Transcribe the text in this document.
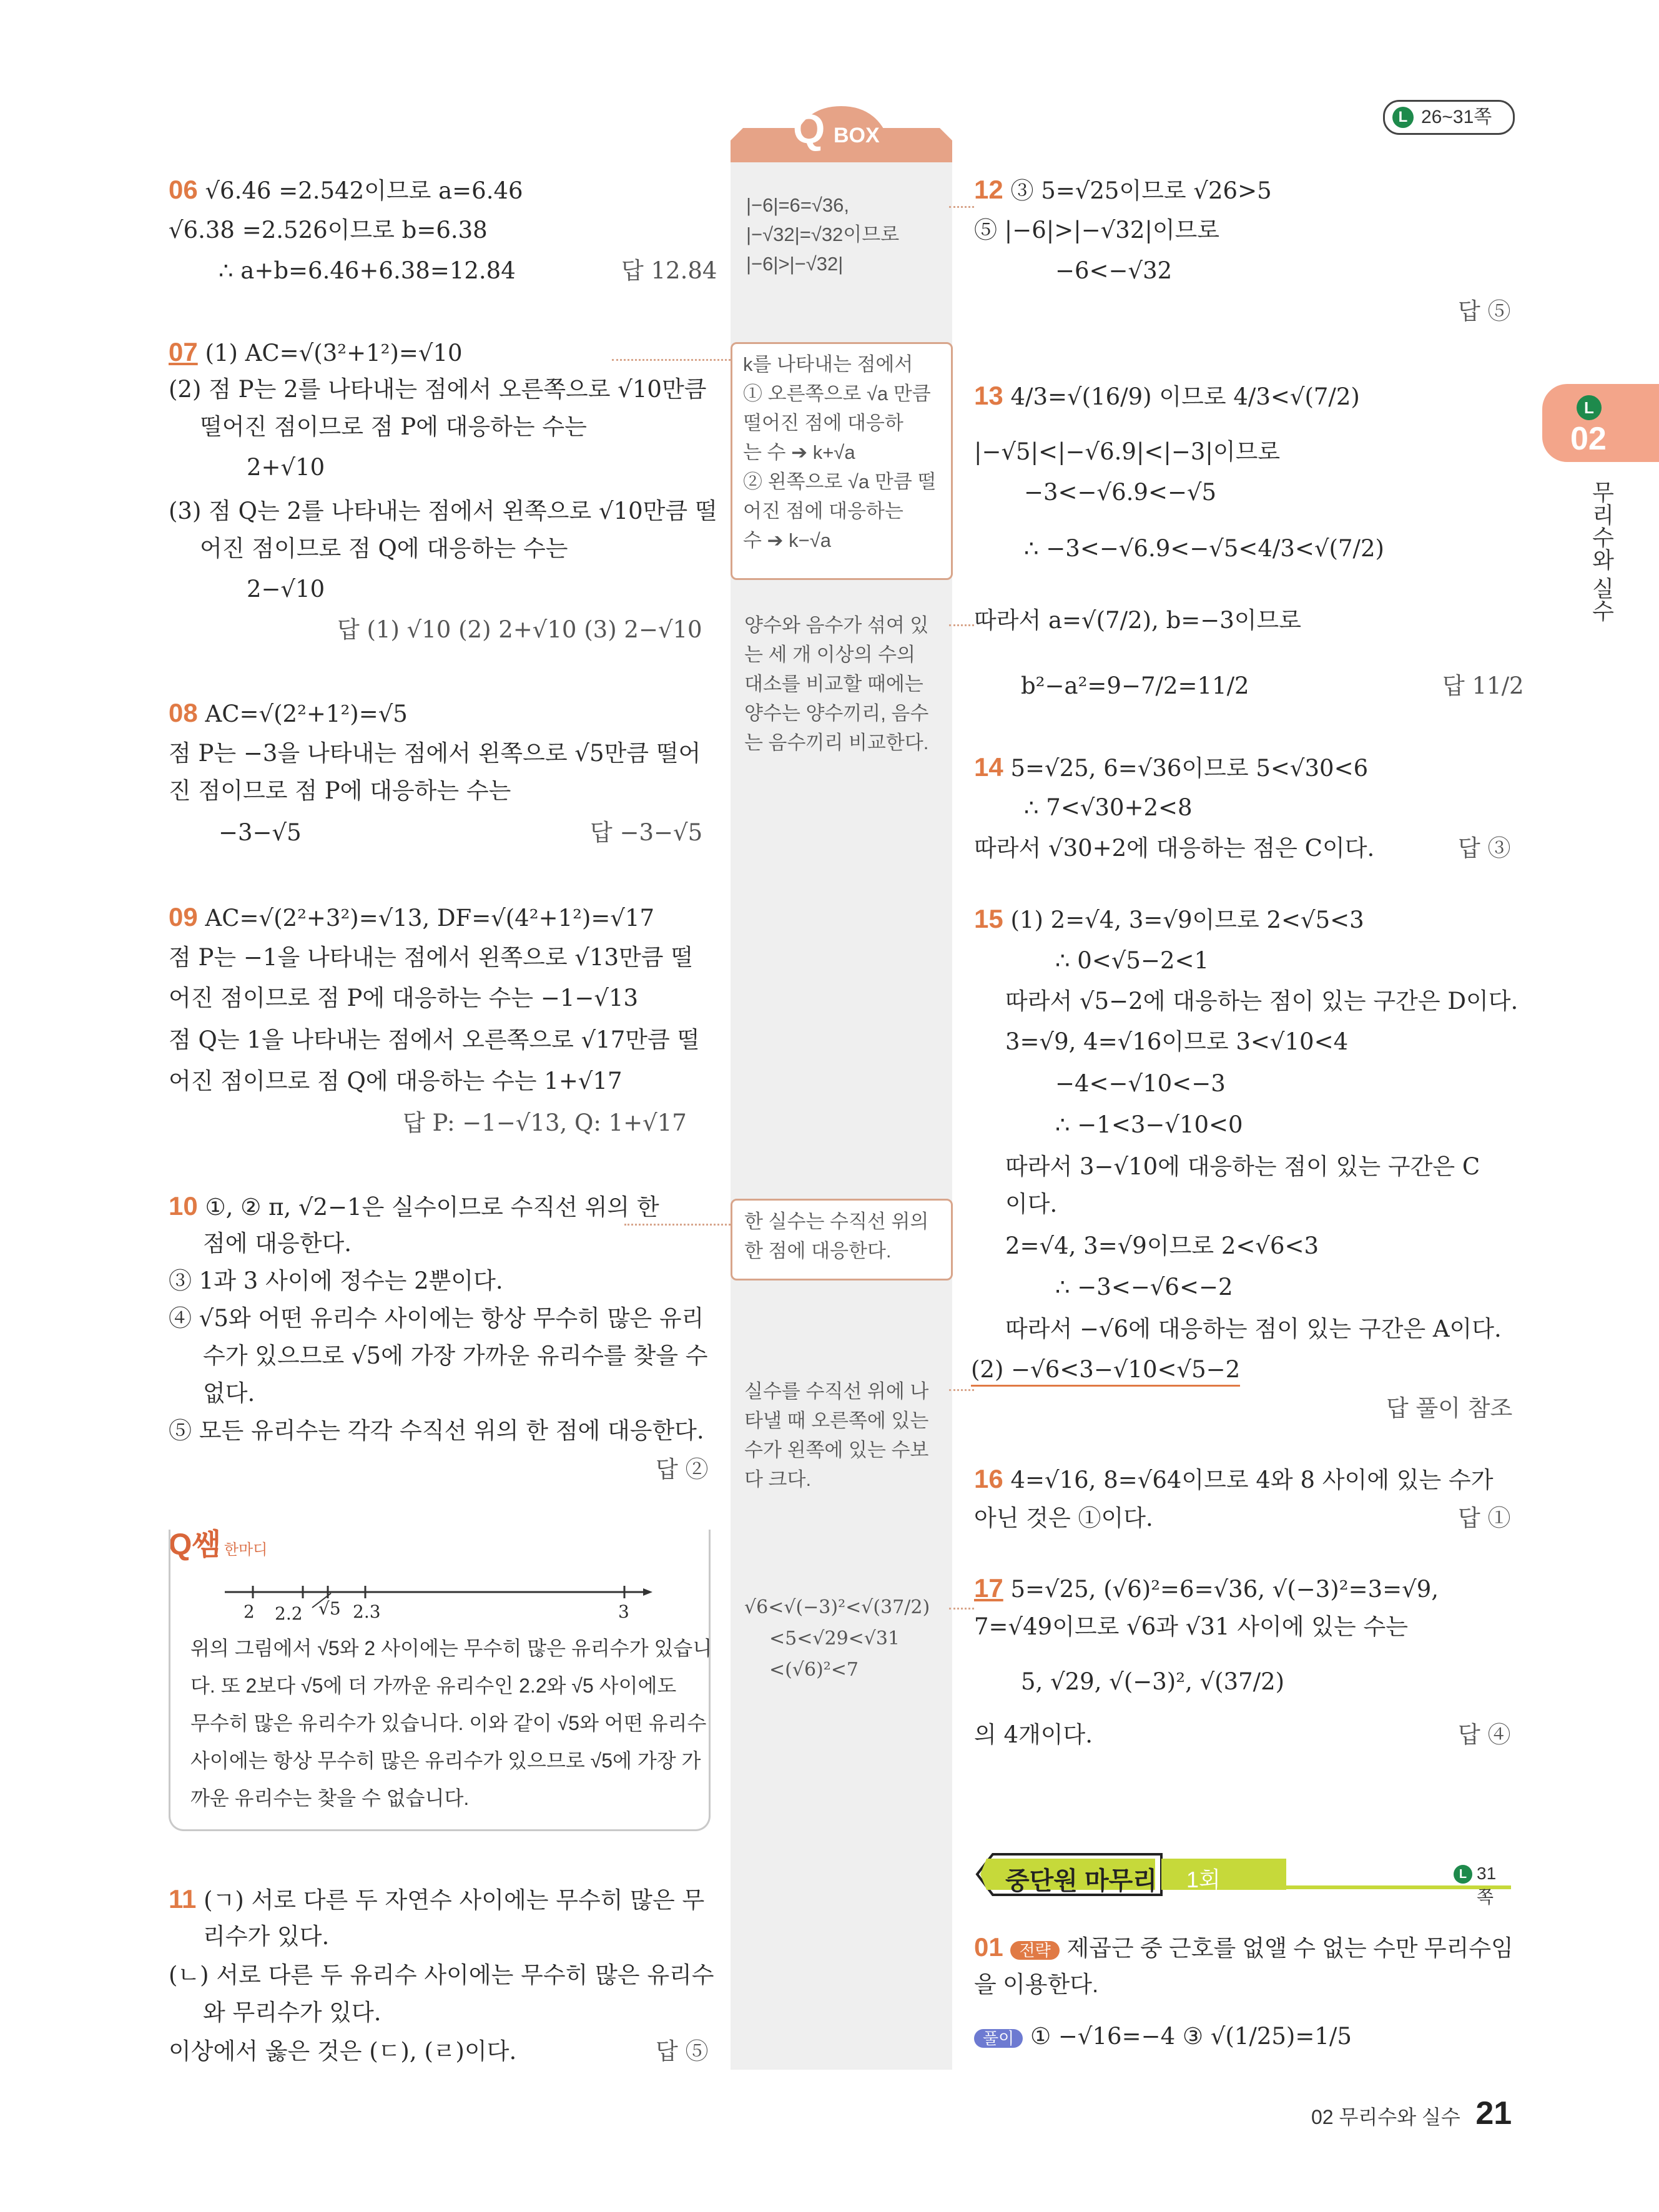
L 26~31쪽
L
02
무리수와 실수
Q BOX
|−6|=6=√36,
|−√32|=√32이므로
|−6|>|−√32|
k를 나타내는 점에서
① 오른쪽으로 √a 만큼
떨어진 점에 대응하
는 수 ➔ k+√a
② 왼쪽으로 √a 만큼 떨
어진 점에 대응하는
수 ➔ k−√a
양수와 음수가 섞여 있
는 세 개 이상의 수의
대소를 비교할 때에는
양수는 양수끼리, 음수
는 음수끼리 비교한다.
한 실수는 수직선 위의
한 점에 대응한다.
실수를 수직선 위에 나
타낼 때 오른쪽에 있는
수가 왼쪽에 있는 수보
다 크다.
√6<√(−3)²<√(37/2)
<5<√29<√31
<(√6)²<7
06 √6.46 =2.542이므로 a=6.46
√6.38 =2.526이므로 b=6.38
∴ a+b=6.46+6.38=12.84	답 12.84
07 (1) AC=√(3²+1²)=√10
(2) 점 P는 2를 나타내는 점에서 오른쪽으로 √10만큼
떨어진 점이므로 점 P에 대응하는 수는
2+√10
(3) 점 Q는 2를 나타내는 점에서 왼쪽으로 √10만큼 떨
어진 점이므로 점 Q에 대응하는 수는
2−√10
답 (1) √10 (2) 2+√10 (3) 2−√10
08 AC=√(2²+1²)=√5
점 P는 −3을 나타내는 점에서 왼쪽으로 √5만큼 떨어
진 점이므로 점 P에 대응하는 수는
−3−√5	답 −3−√5
09 AC=√(2²+3²)=√13, DF=√(4²+1²)=√17
점 P는 −1을 나타내는 점에서 왼쪽으로 √13만큼 떨
어진 점이므로 점 P에 대응하는 수는 −1−√13
점 Q는 1을 나타내는 점에서 오른쪽으로 √17만큼 떨
어진 점이므로 점 Q에 대응하는 수는 1+√17
답 P: −1−√13, Q: 1+√17
10 ①, ② π, √2−1은 실수이므로 수직선 위의 한
점에 대응한다.
③ 1과 3 사이에 정수는 2뿐이다.
④ √5와 어떤 유리수 사이에는 항상 무수히 많은 유리
수가 있으므로 √5에 가장 가까운 유리수를 찾을 수
없다.
⑤ 모든 유리수는 각각 수직선 위의 한 점에 대응한다.
답 ②
Q쌤 한마디
2 2.2 √5 2.3	3
위의 그림에서 √5와 2 사이에는 무수히 많은 유리수가 있습니
다. 또 2보다 √5에 더 가까운 유리수인 2.2와 √5 사이에도
무수히 많은 유리수가 있습니다. 이와 같이 √5와 어떤 유리수
사이에는 항상 무수히 많은 유리수가 있으므로 √5에 가장 가
까운 유리수는 찾을 수 없습니다.
11 (ㄱ) 서로 다른 두 자연수 사이에는 무수히 많은 무
리수가 있다.
(ㄴ) 서로 다른 두 유리수 사이에는 무수히 많은 유리수
와 무리수가 있다.
이상에서 옳은 것은 (ㄷ), (ㄹ)이다.	답 ⑤
12 ③ 5=√25이므로 √26>5
⑤ |−6|>|−√32|이므로
−6<−√32
답 ⑤
13 4/3=√(16/9) 이므로 4/3<√(7/2)
|−√5|<|−√6.9|<|−3|이므로
−3<−√6.9<−√5
∴ −3<−√6.9<−√5<4/3<√(7/2)
따라서 a=√(7/2), b=−3이므로
b²−a²=9−7/2=11/2	답 11/2
14 5=√25, 6=√36이므로 5<√30<6
∴ 7<√30+2<8
따라서 √30+2에 대응하는 점은 C이다.	답 ③
15 (1) 2=√4, 3=√9이므로 2<√5<3
∴ 0<√5−2<1
따라서 √5−2에 대응하는 점이 있는 구간은 D이다.
3=√9, 4=√16이므로 3<√10<4
−4<−√10<−3
∴ −1<3−√10<0
따라서 3−√10에 대응하는 점이 있는 구간은 C
이다.
2=√4, 3=√9이므로 2<√6<3
∴ −3<−√6<−2
따라서 −√6에 대응하는 점이 있는 구간은 A이다.
(2) −√6<3−√10<√5−2
답 풀이 참조
16 4=√16, 8=√64이므로 4와 8 사이에 있는 수가
아닌 것은 ①이다.	답 ①
17 5=√25, (√6)²=6=√36, √(−3)²=3=√9,
7=√49이므로 √6과 √31 사이에 있는 수는
5, √29, √(−3)², √(37/2)
의 4개이다.	답 ④
중단원 마무리 1회	L 31쪽
01 전략 제곱근 중 근호를 없앨 수 없는 수만 무리수임
을 이용한다.
풀이 ① −√16=−4 ③ √(1/25)=1/5
02 무리수와 실수 21
